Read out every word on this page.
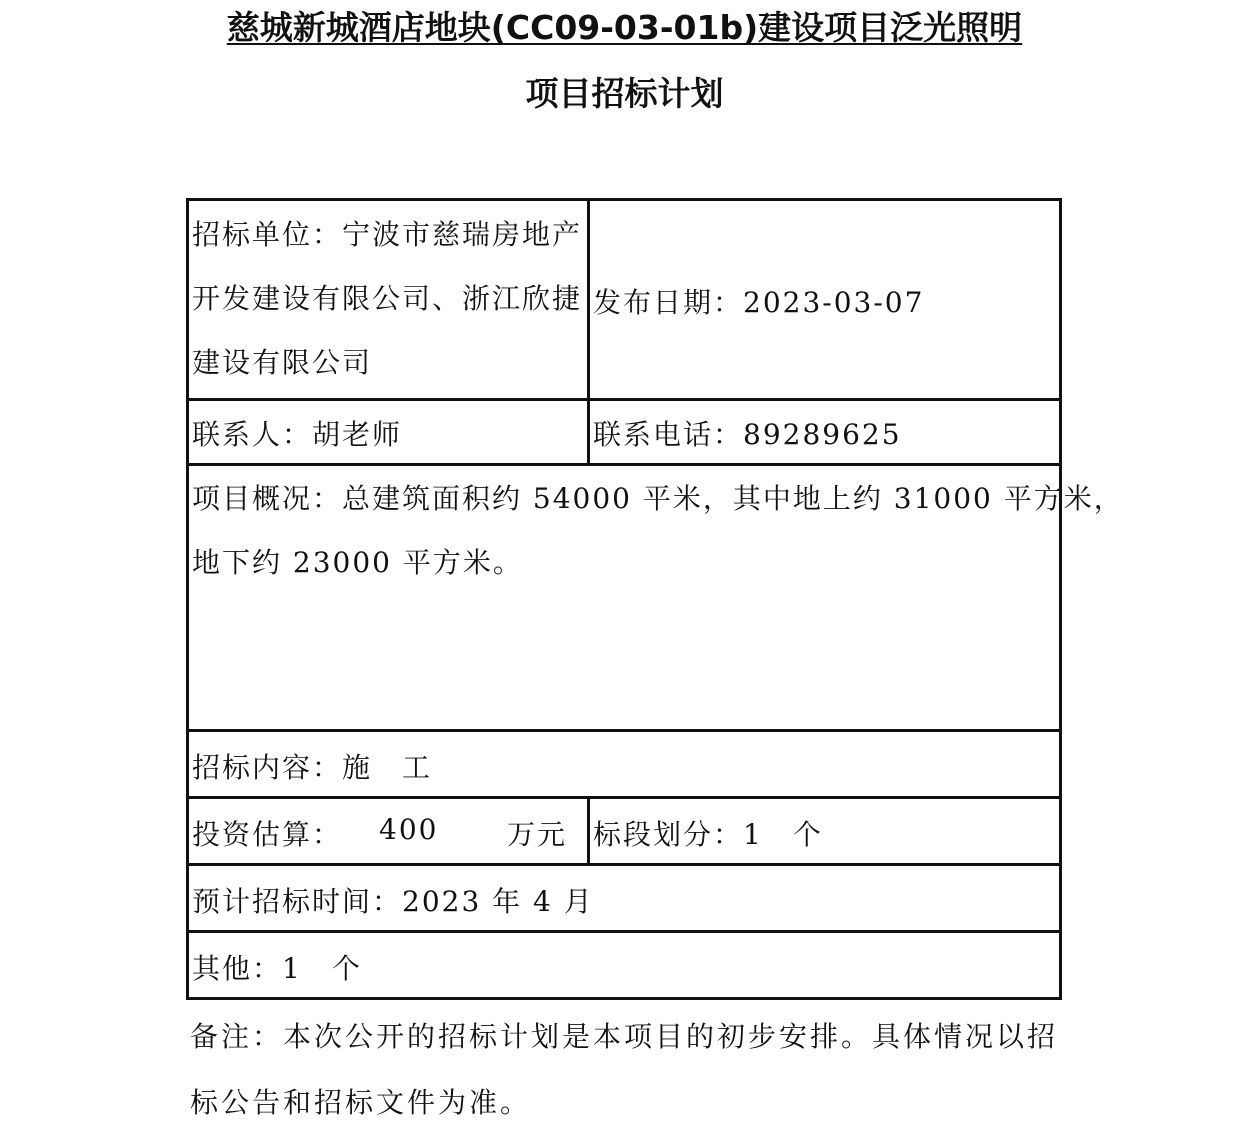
慈城新城酒店地块(CC09-03-01b)建设项目泛光照明
项目招标计划
招标单位：宁波市慈瑞房地产
开发建设有限公司、浙江欣捷
建设有限公司
发布日期：2023-03-07
联系人：胡老师	联系电话：89289625
项目概况：总建筑面积约 54000 平米，其中地上约 31000 平方米，
地下约 23000 平方米。
招标内容：施　工
投资估算： 400 万元 标段划分：1　个
预计招标时间：2023 年 4 月
其他：1　个
备注：本次公开的招标计划是本项目的初步安排。具体情况以招
标公告和招标文件为准。
